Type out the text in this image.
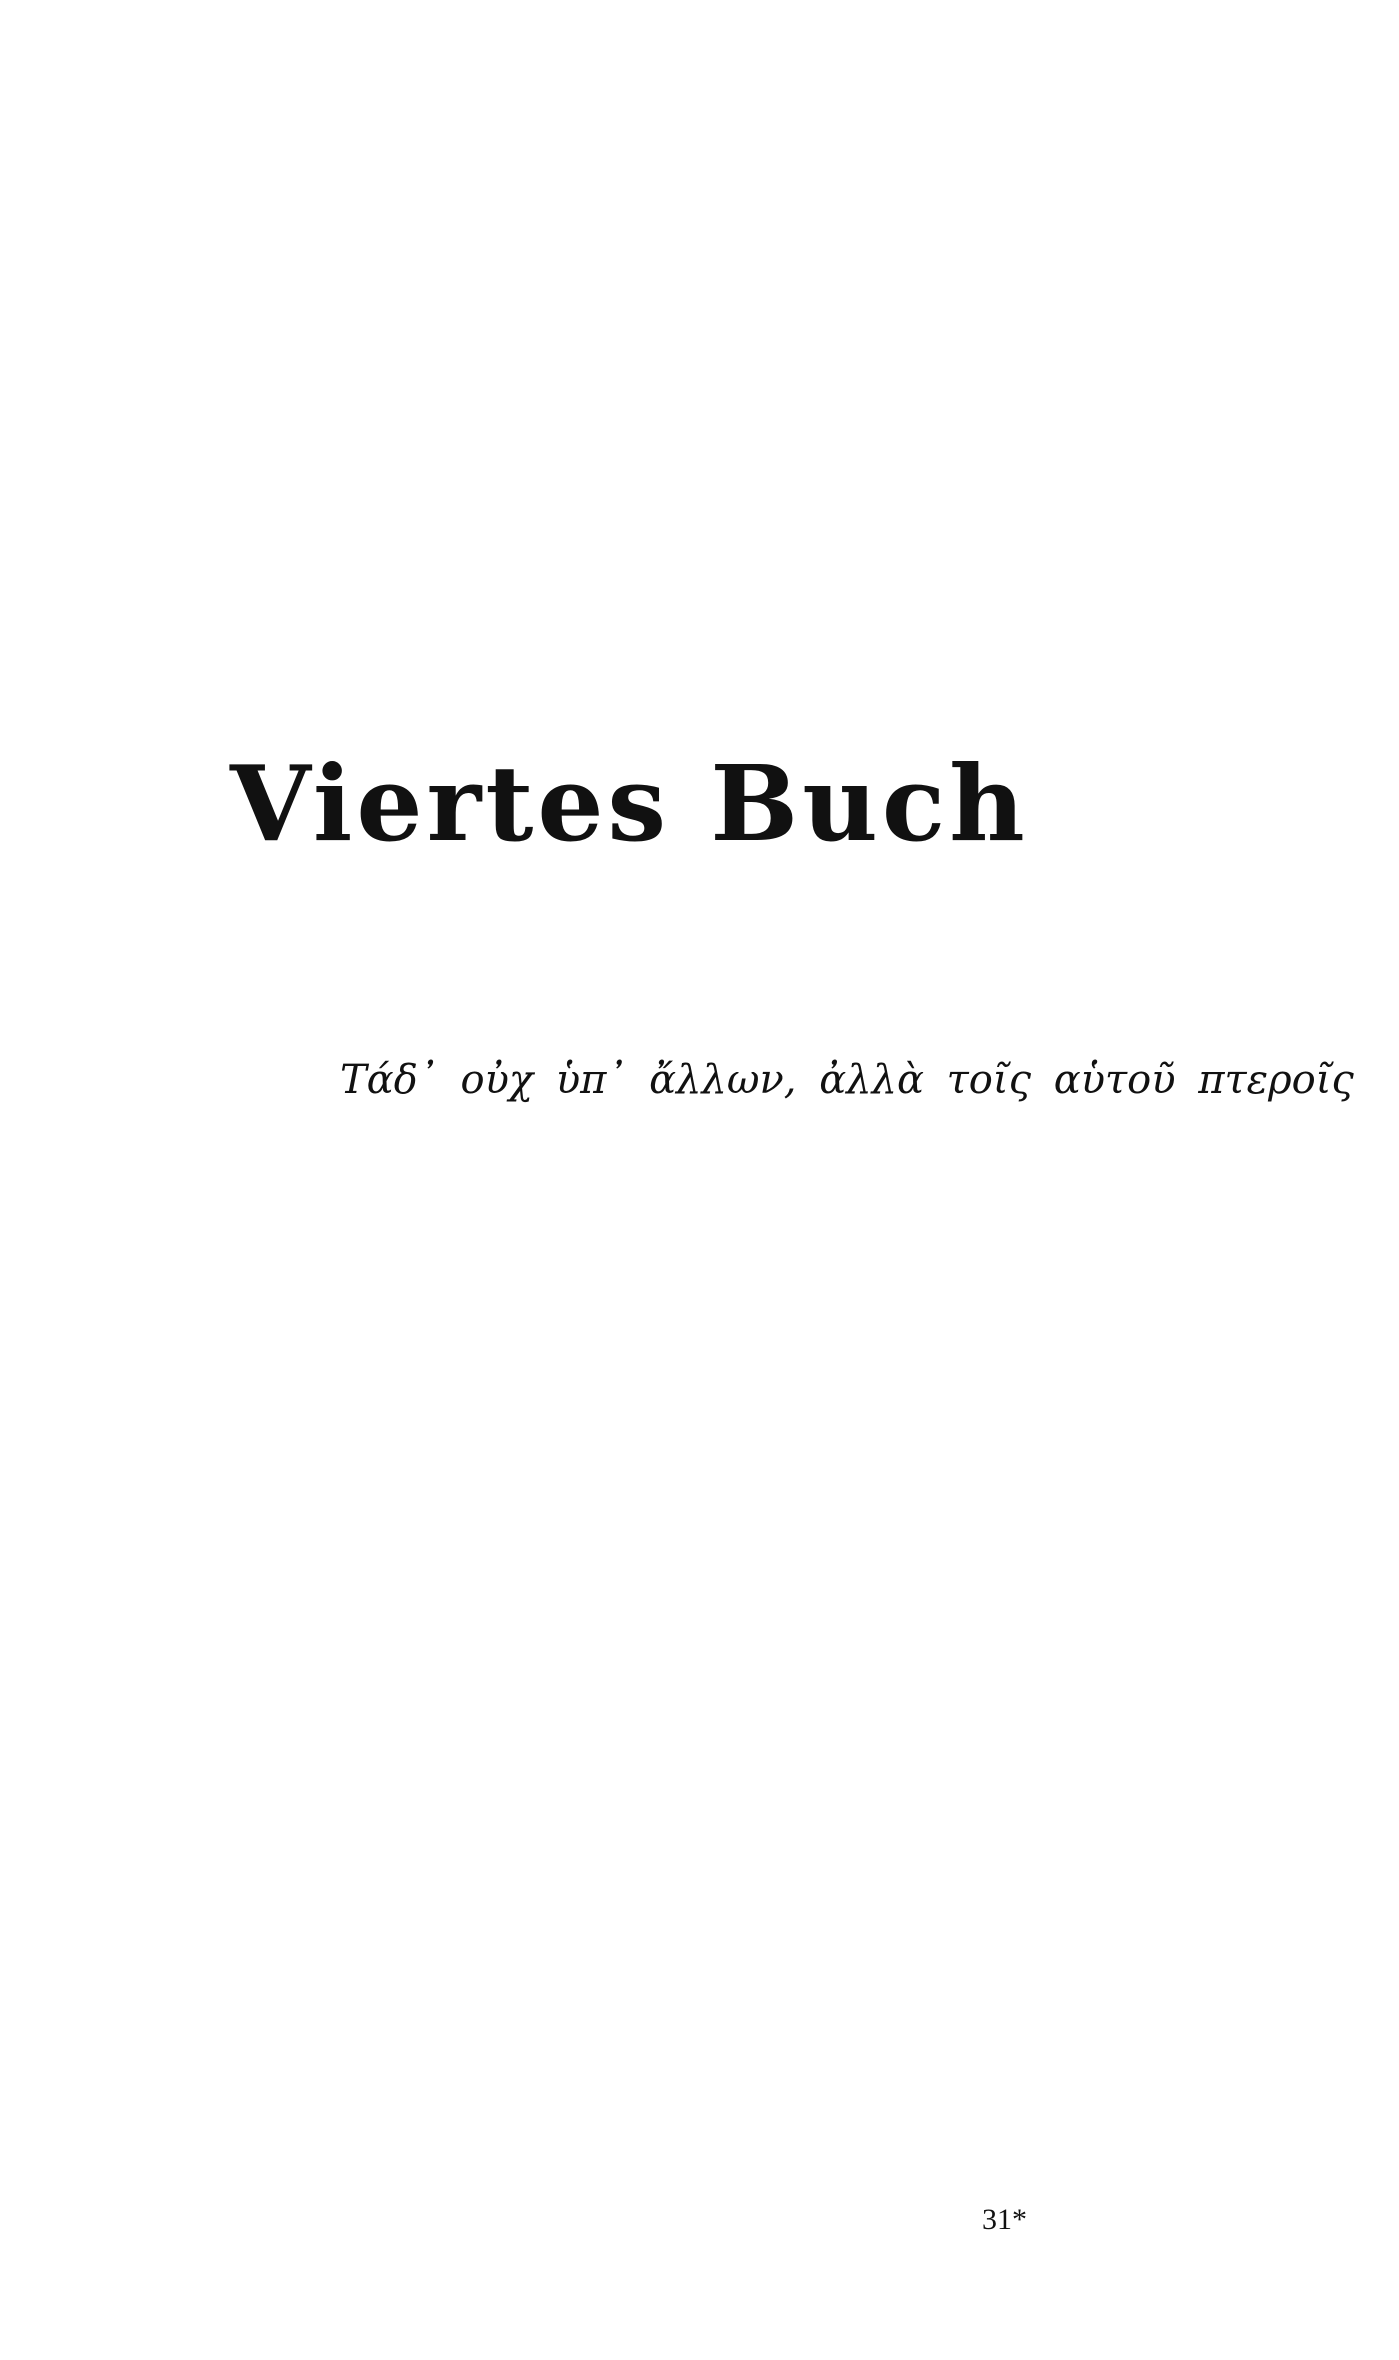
Viertes Buch

Τάδ᾽ οὐχ ὑπ᾽ ἄλλων, ἀλλὰ τοῖς αὑτοῦ πτεροῖς

31*
